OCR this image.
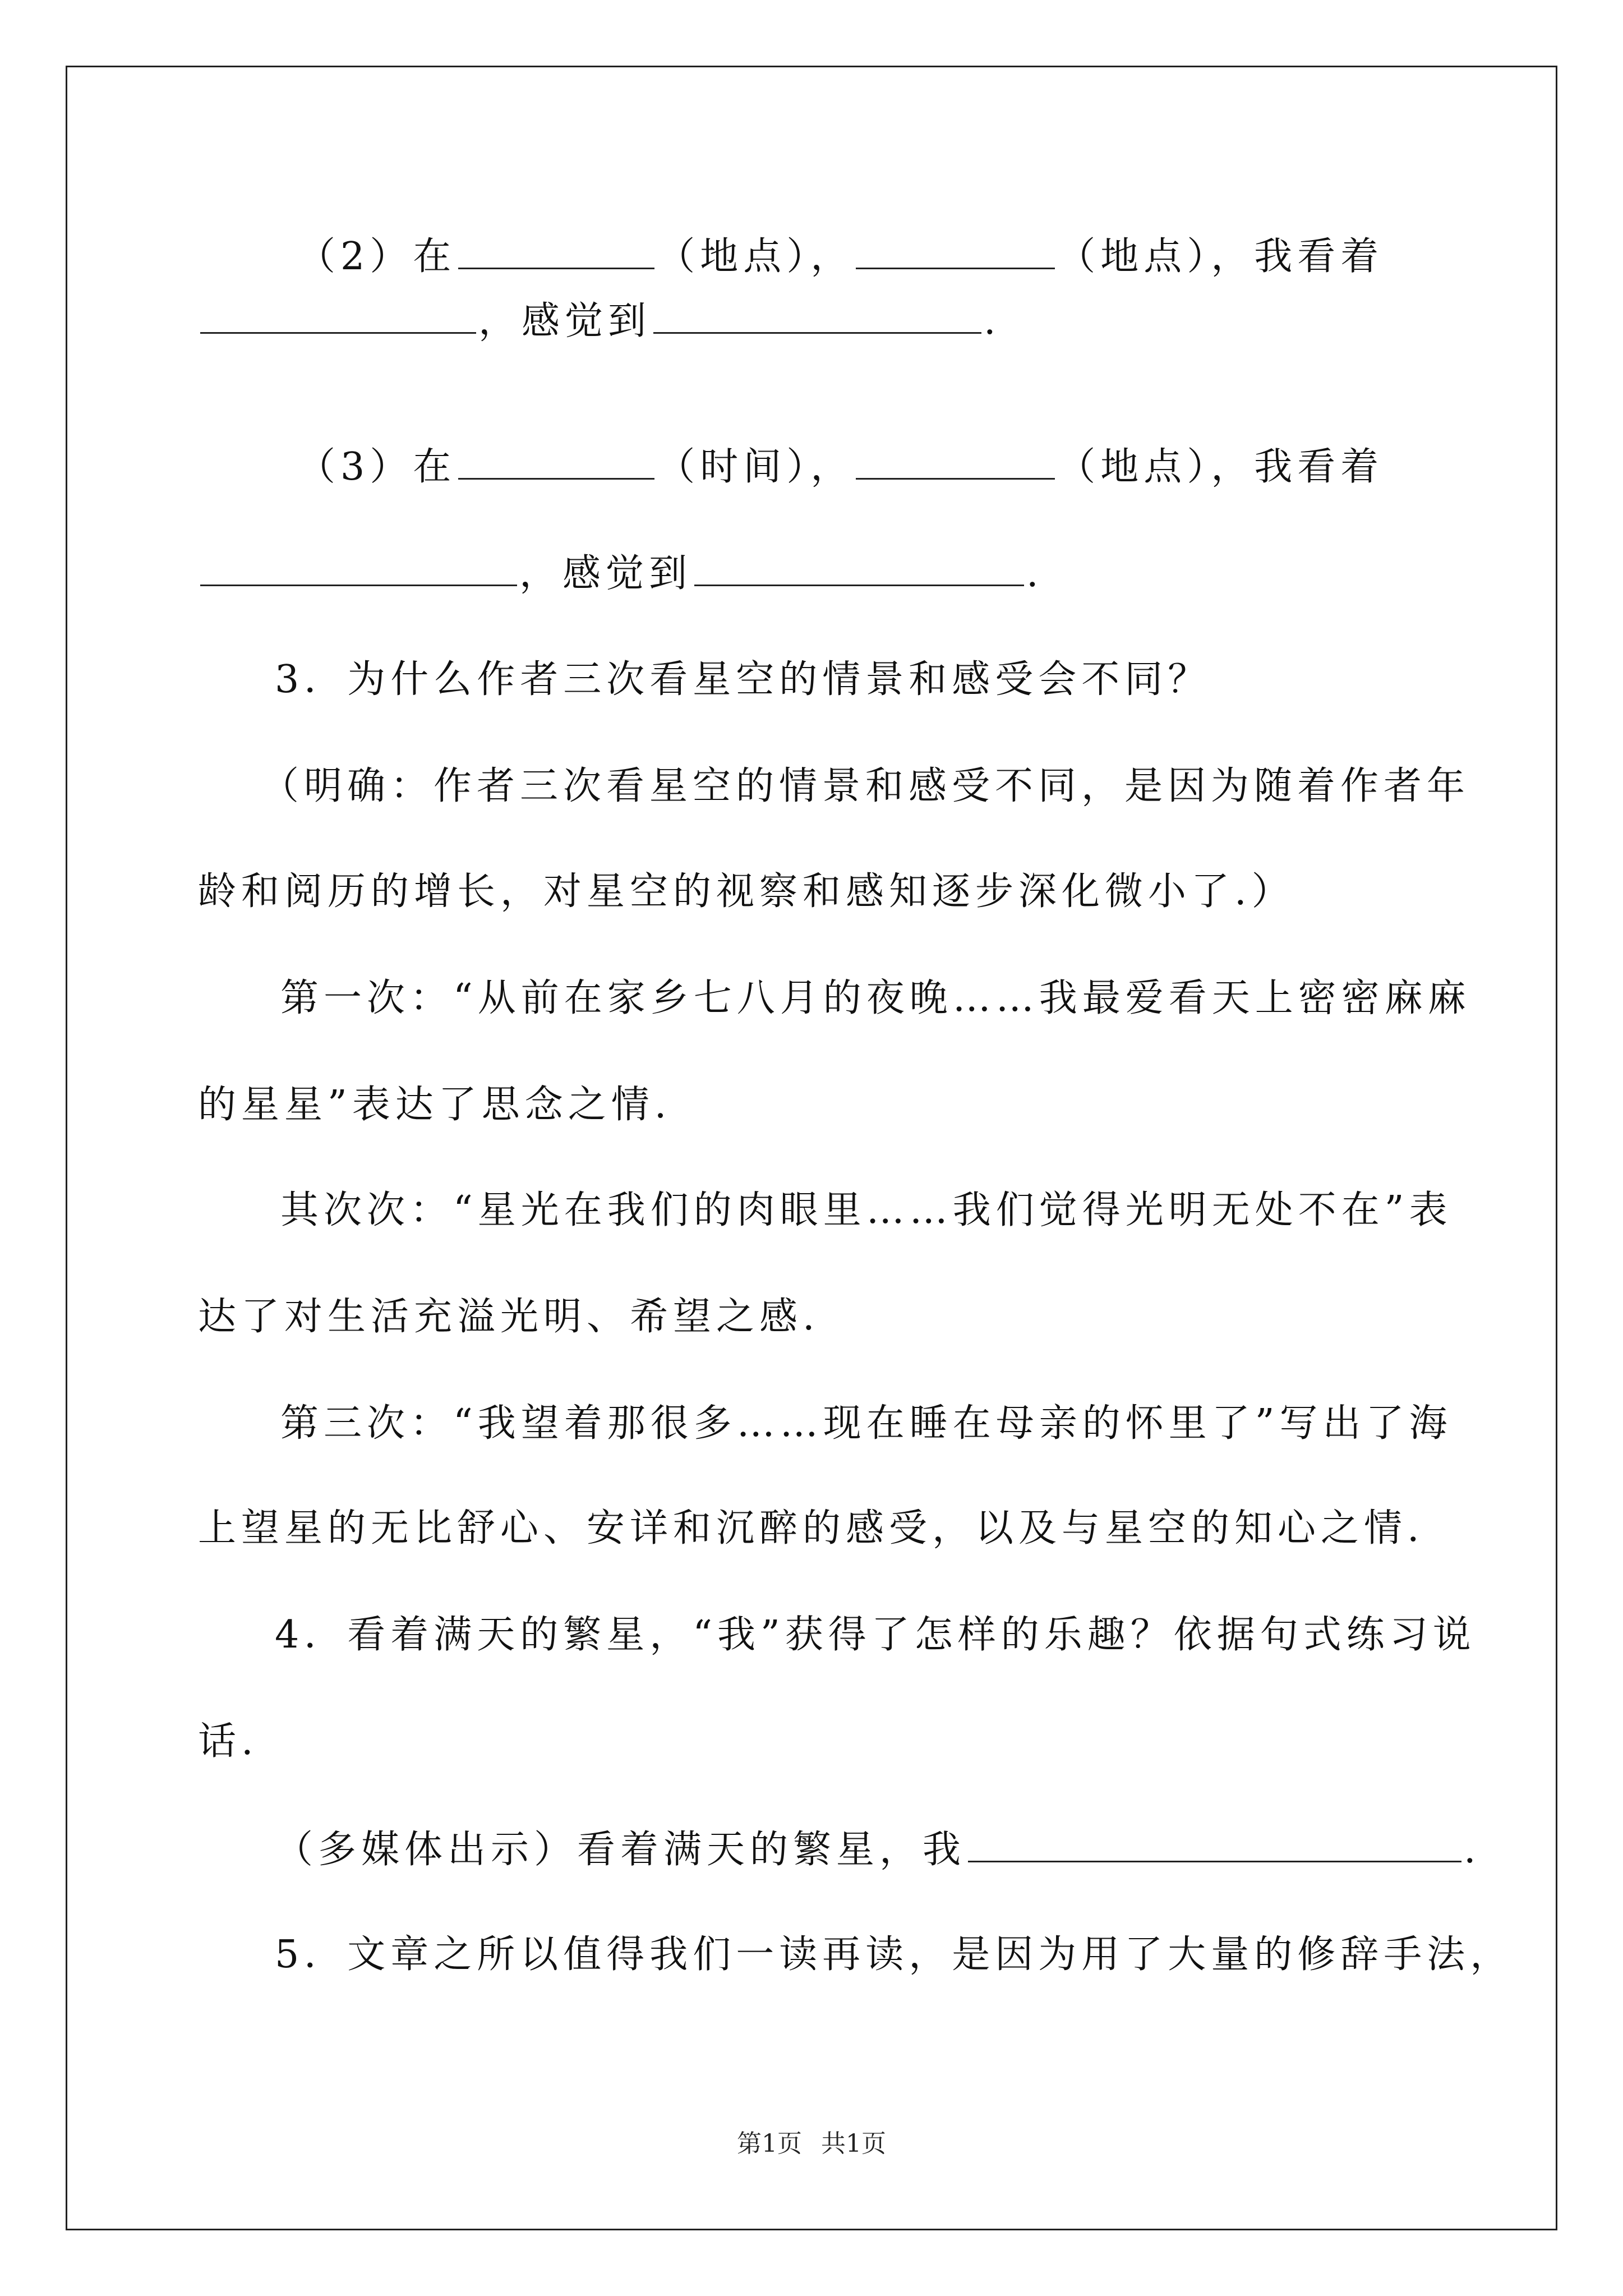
（2）在	（地点），	（地点），我看着
，感觉到	.
（3）在	（时间），	（地点），我看着
，感觉到	.
3．为什么作者三次看星空的情景和感受会不同？
（明确：作者三次看星空的情景和感受不同，是因为随着作者年
龄和阅历的增长，对星空的视察和感知逐步深化微小了.）
第一次：“从前在家乡七八月的夜晚……我最爱看天上密密麻麻
的星星”表达了思念之情.
其次次：“星光在我们的肉眼里……我们觉得光明无处不在”表
达了对生活充溢光明、希望之感.
第三次：“我望着那很多……现在睡在母亲的怀里了”写出了海
上望星的无比舒心、安详和沉醉的感受，以及与星空的知心之情.
4．看着满天的繁星，“我”获得了怎样的乐趣？依据句式练习说
话.
（多媒体出示）看着满天的繁星，我	.
5．文章之所以值得我们一读再读，是因为用了大量的修辞手法，
第1页 共1页
